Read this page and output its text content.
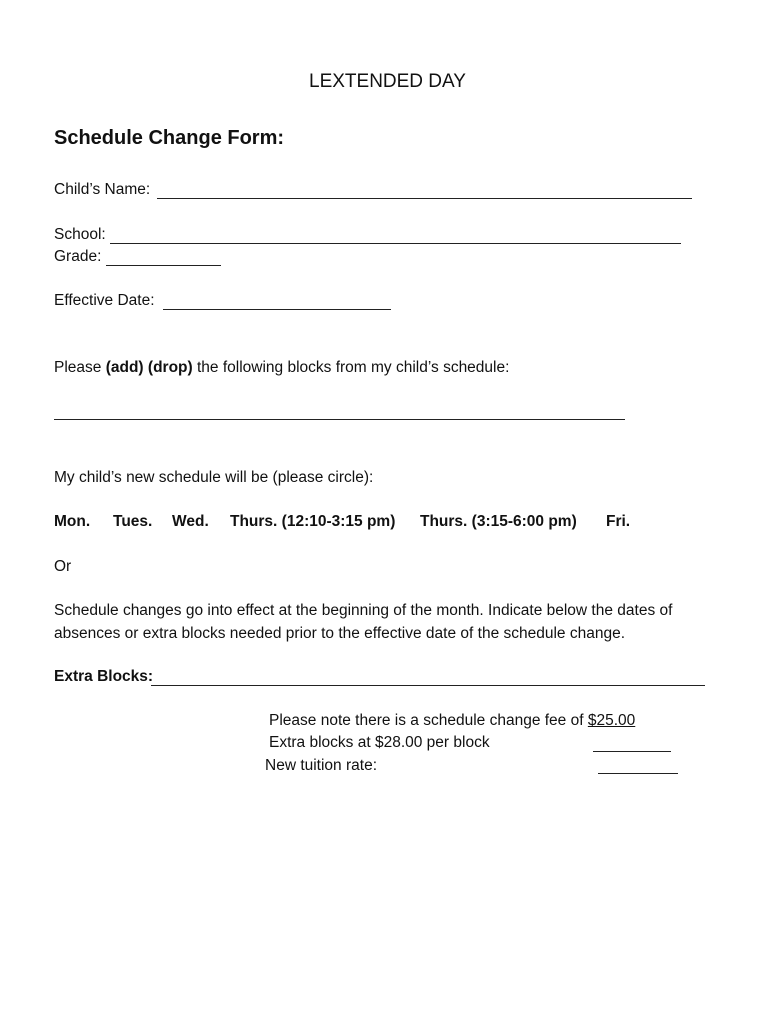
LEXTENDED DAY
Schedule Change Form:
Child’s Name:
School:
Grade:
Effective Date:
Please (add) (drop) the following blocks from my child’s schedule:
My child’s new schedule will be (please circle):
Mon. Tues. Wed. Thurs. (12:10-3:15 pm) Thurs. (3:15-6:00 pm) Fri.
Or
Schedule changes go into effect at the beginning of the month. Indicate below the dates of absences or extra blocks needed prior to the effective date of the schedule change.
Extra Blocks:
Please note there is a schedule change fee of $25.00
Extra blocks at $28.00 per block
New tuition rate:
